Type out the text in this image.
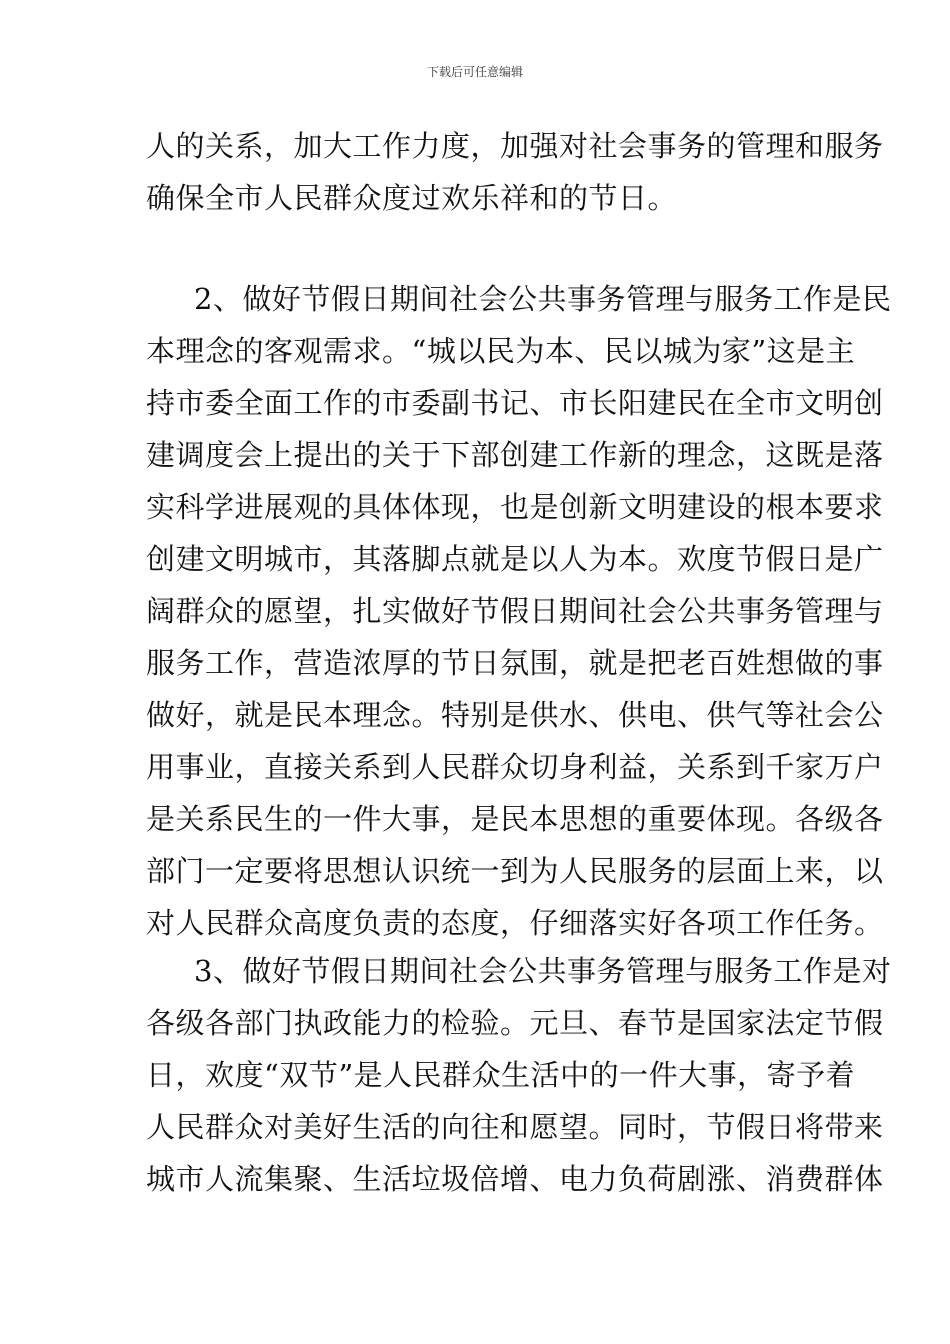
下载后可任意编辑
人的关系，加大工作力度，加强对社会事务的管理和服务
确保全市人民群众度过欢乐祥和的节日。
2、做好节假日期间社会公共事务管理与服务工作是民
本理念的客观需求。“城以民为本、民以城为家”这是主
持市委全面工作的市委副书记、市长阳建民在全市文明创
建调度会上提出的关于下部创建工作新的理念，这既是落
实科学进展观的具体体现，也是创新文明建设的根本要求
创建文明城市，其落脚点就是以人为本。欢度节假日是广
阔群众的愿望，扎实做好节假日期间社会公共事务管理与
服务工作，营造浓厚的节日氛围，就是把老百姓想做的事
做好，就是民本理念。特别是供水、供电、供气等社会公
用事业，直接关系到人民群众切身利益，关系到千家万户
是关系民生的一件大事，是民本思想的重要体现。各级各
部门一定要将思想认识统一到为人民服务的层面上来，以
对人民群众高度负责的态度，仔细落实好各项工作任务。
3、做好节假日期间社会公共事务管理与服务工作是对
各级各部门执政能力的检验。元旦、春节是国家法定节假
日，欢度“双节”是人民群众生活中的一件大事，寄予着
人民群众对美好生活的向往和愿望。同时，节假日将带来
城市人流集聚、生活垃圾倍增、电力负荷剧涨、消费群体
